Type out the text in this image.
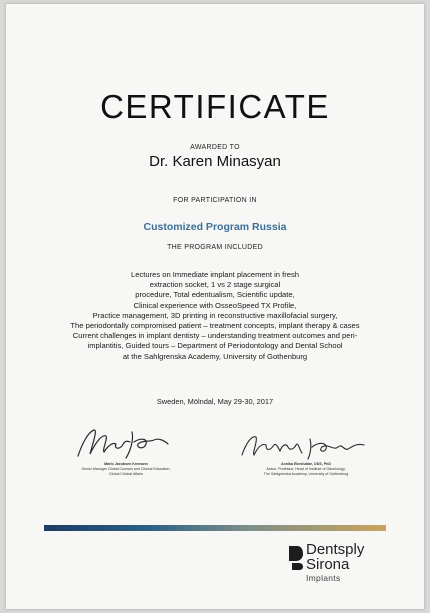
CERTIFICATE
AWARDED TO
Dr. Karen Minasyan
FOR PARTICIPATION IN
Customized Program Russia
THE PROGRAM INCLUDED
Lectures on Immediate implant placement in fresh
extraction socket, 1 vs 2 stage surgical
procedure, Total edentualism, Scientific update,
Clinical experience with OsseoSpeed TX Profile,
Practice management, 3D printing in reconstructive maxillofacial surgery,
The periodontally compromised patient – treatment concepts, implant therapy & cases
Current challenges in implant dentisty – understanding treatment outcomes and peri-
implantitis, Guided tours – Department of Periodontology and Dental School
at the Sahlgrenska Academy, University of Gothenburg
Sweden, Mölndal, May 29-30, 2017
Mario Jacobsen Kremann
Senior Manager Global Courses and Clinical Education,
Global Clinical Affairs
Annika Ekestubbe, DDS, PhD
Assoc. Professor, Head of Institute of Odontology,
The Sahlgrenska Academy, University of Gothenburg
Dentsply
Sirona
Implants
